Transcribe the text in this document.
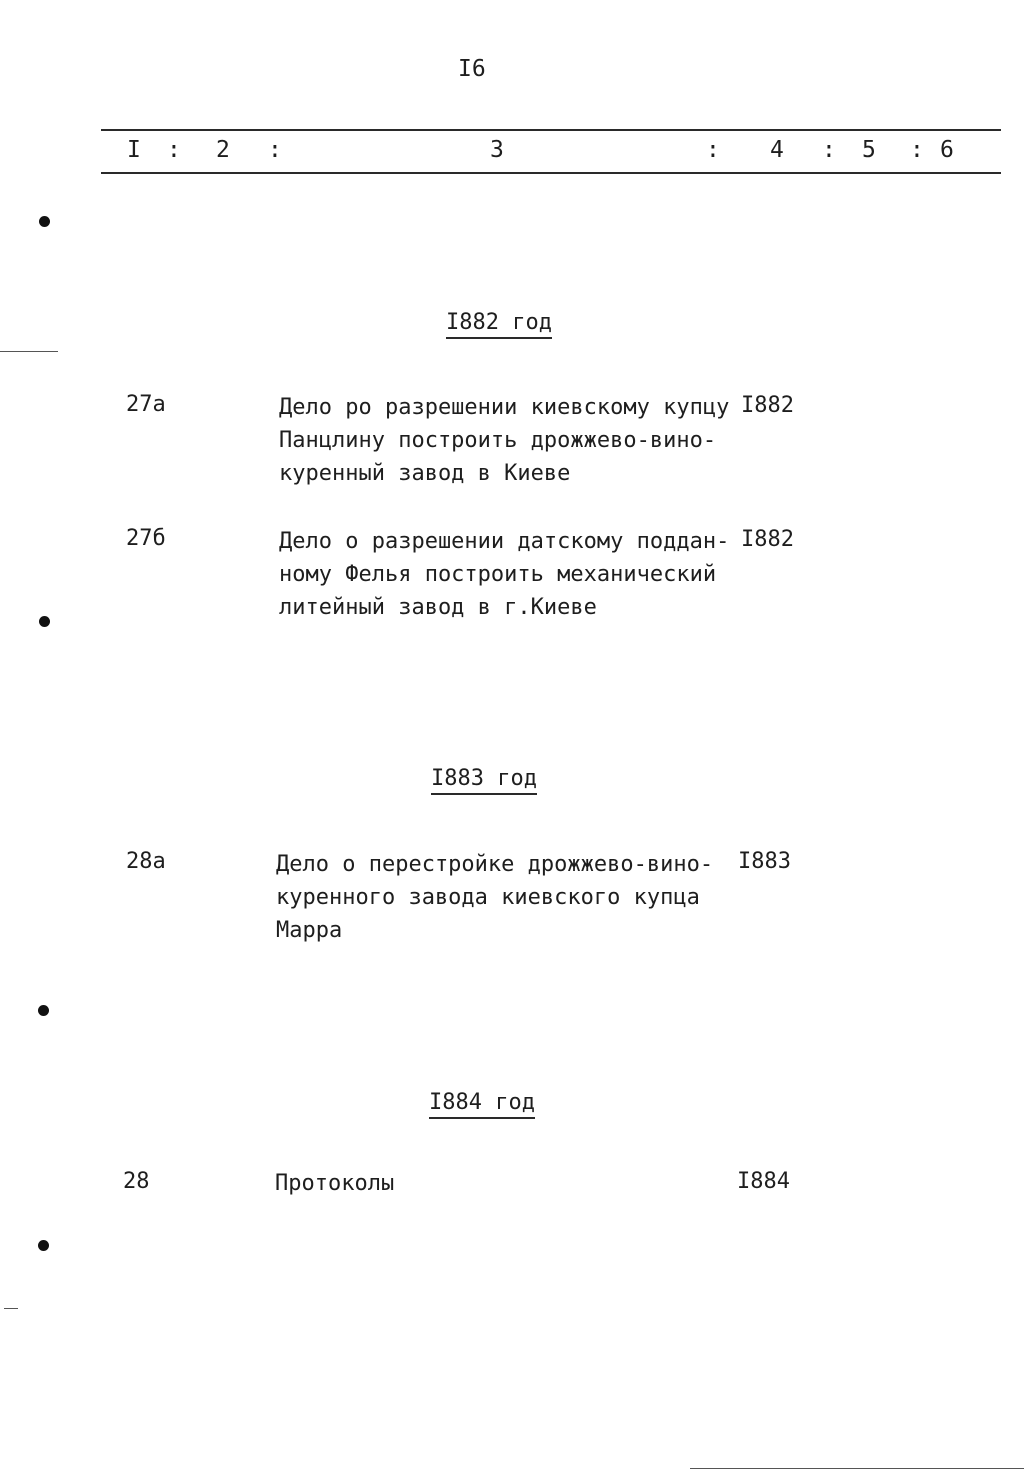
I6
I : 2 :	3	: 4 : 5 : 6
I882 год
27а	Дело ро разрешении киевскому купцу
Панцлину построить дрожжево-вино-
куренный завод в Киеве
I882
27б	Дело о разрешении датскому поддан-
ному Фелья построить механический
литейный завод в г.Киеве
I882
I883 год
28а	Дело о перестройке дрожжево-вино-
куренного завода киевского купца
Марра
I883
I884 год
28	Протоколы	I884
